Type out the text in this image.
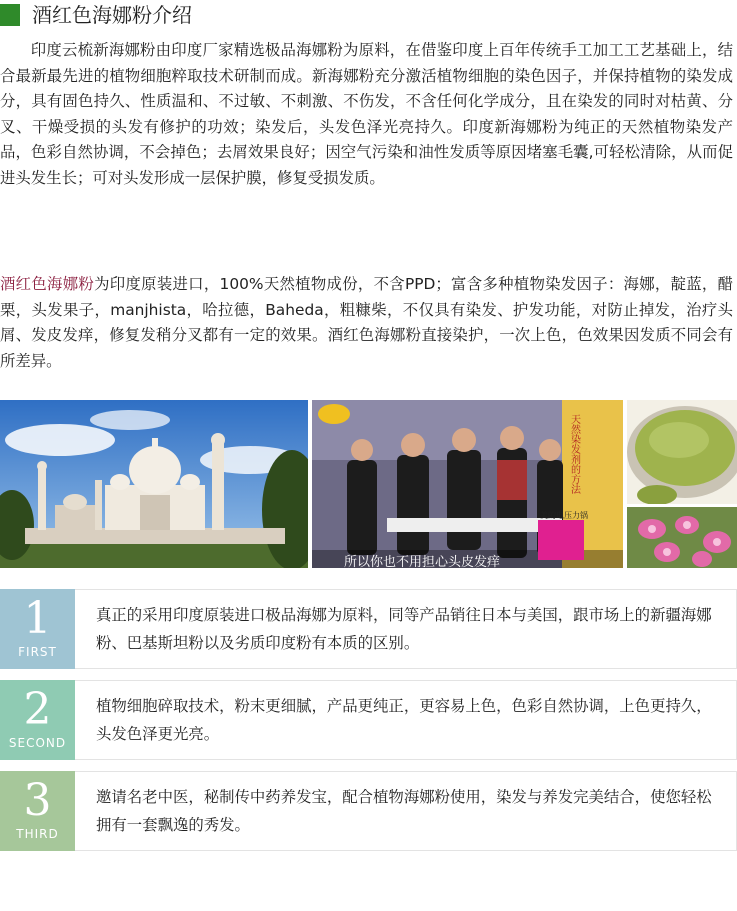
酒红色海娜粉介绍

印度云梳新海娜粉由印度厂家精选极品海娜粉为原料，在借鉴印度上百年传统手工加工工艺基础上，结合最新最先进的植物细胞粹取技术研制而成。新海娜粉充分激活植物细胞的染色因子，并保持植物的染发成分，具有固色持久、性质温和、不过敏、不刺激、不伤发，不含任何化学成分，且在染发的同时对枯黄、分叉、干燥受损的头发有修护的功效；染发后，头发色泽光亮持久。印度新海娜粉为纯正的天然植物染发产品，色彩自然协调，不会掉色；去屑效果良好；因空气污染和油性发质等原因堵塞毛囊,可轻松清除，从而促进头发生长；可对头发形成一层保护膜，修复受损发质。

酒红色海娜粉为印度原装进口，100%天然植物成份，不含PPD；富含多种植物染发因子：海娜，靛蓝，醋栗，头发果子，manjhista，哈拉德，Baheda，粗糠柴，不仅具有染发、护发功能，对防止掉发，治疗头屑、发皮发痒，修复发稍分叉都有一定的效果。酒红色海娜粉直接染护，一次上色，色效果因发质不同会有所差异。

所以你也不用担心头皮发痒
天然染发剂的方法
美的电压力锅
1
FIRST

真正的采用印度原装进口极品海娜为原料，同等产品销往日本与美国，跟市场上的新疆海娜粉、巴基斯坦粉以及劣质印度粉有本质的区别。

2
SECOND

植物细胞碎取技术，粉末更细腻，产品更纯正，更容易上色，色彩自然协调，上色更持久，头发色泽更光亮。

3
THIRD

邀请名老中医，秘制传中药养发宝，配合植物海娜粉使用，染发与养发完美结合，使您轻松拥有一套飘逸的秀发。
